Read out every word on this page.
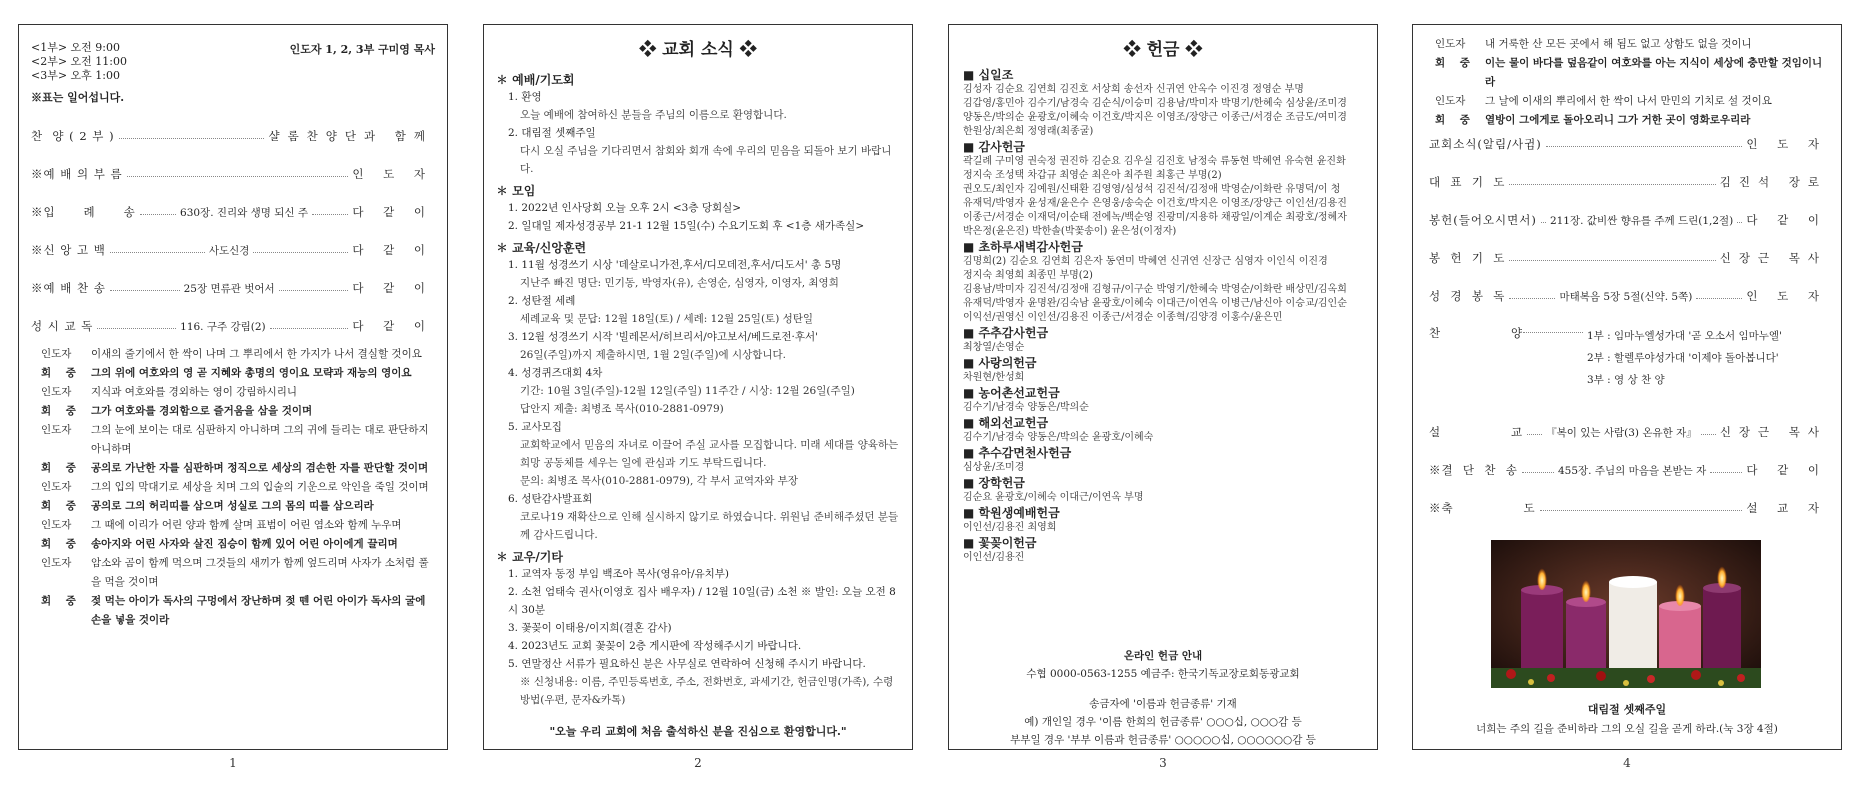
<1부> 오전 9:00
<2부> 오전 11:00
<3부> 오후 1:00
인도자 1, 2, 3부 구미영 목사
※표는 일어섭니다.
찬  양 ( 2 부 )	샬롬찬양단과 함께
※예 배 의 부 름	인 도 자
※입      례      송	630장. 진리와 생명 되신 주	다 같 이
※신 앙 고 백	사도신경	다 같 이
※예 배 찬 송	25장 면류관 벗어서	다 같 이
성 시 교 독	116. 구주 강림(2)	다 같 이
인도자	이새의 줄기에서 한 싹이 나며 그 뿌리에서 한 가지가 나서 결실할 것이요
회    중	그의 위에 여호와의 영 곧 지혜와 총명의 영이요 모략과 재능의 영이요
인도자	지식과 여호와를 경외하는 영이 강림하시리니
회    중	그가 여호와를 경외함으로 즐거움을 삼을 것이며
인도자	그의 눈에 보이는 대로 심판하지 아니하며 그의 귀에 들리는 대로 판단하지 아니하며
회    중	공의로 가난한 자를 심판하며 정직으로 세상의 겸손한 자를 판단할 것이며
인도자	그의 입의 막대기로 세상을 치며 그의 입술의 기운으로 악인을 죽일 것이며
회    중	공의로 그의 허리띠를 삼으며 성실로 그의 몸의 띠를 삼으리라
인도자	그 때에 이리가 어린 양과 함께 살며 표범이 어린 염소와 함께 누우며
회    중	송아지와 어린 사자와 살진 짐승이 함께 있어 어린 아이에게 끌리며
인도자	암소와 곰이 함께 먹으며 그것들의 새끼가 함께 엎드리며 사자가 소처럼 풀을 먹을 것이며
회    중	젖 먹는 아이가 독사의 구멍에서 장난하며 젖 뗀 어린 아이가 독사의 굴에 손을 넣을 것이라
1
❖ 교회 소식 ❖
✽ 예배/기도회
1. 환영
오늘 예배에 참여하신 분들을 주님의 이름으로 환영합니다.
2. 대림절 셋째주일
다시 오실 주님을 기다리면서 참회와 회개 속에 우리의 믿음을 되돌아 보기 바랍니다.
✽ 모임
1. 2022년 인사당회 오늘 오후 2시 <3층 당회실>
2. 일대일 제자성경공부 21-1 12월 15일(수) 수요기도회 후 <1층 새가족실>
✽ 교육/신앙훈련
1. 11월 성경쓰기 시상 '데살로니가전,후서/디모데전,후서/디도서' 총 5명
지난주 빠진 명단: 민기동, 박영자(유), 손영순, 심영자, 이영자, 최영희
2. 성탄절 세례
세례교육 및 문답: 12월 18일(토) / 세례: 12월 25일(토) 성탄일
3. 12월 성경쓰기 시작 '빌레몬서/히브리서/야고보서/베드로전·후서'
26일(주일)까지 제출하시면, 1월 2일(주일)에 시상합니다.
4. 성경퀴즈대회 4차
기간: 10월 3일(주일)-12월 12일(주일) 11주간 / 시상: 12월 26일(주일)
답안지 제출: 최병조 목사(010-2881-0979)
5. 교사모집
교회학교에서 믿음의 자녀로 이끌어 주실 교사를 모집합니다. 미래 세대를 양육하는 희망 공동체를 세우는 일에 관심과 기도 부탁드립니다.
문의: 최병조 목사(010-2881-0979), 각 부서 교역자와 부장
6. 성탄감사발표회
코로나19 재확산으로 인해 실시하지 않기로 하였습니다. 위원님 준비해주셨던 분들께 감사드립니다.
✽ 교우/기타
1. 교역자 동정 부임 백조아 목사(영유아/유치부)
2. 소천 엄태숙 권사(이영호 집사 배우자) / 12월 10일(금) 소천 ※ 발인: 오늘 오전 8시 30분
3. 꽃꽂이 이태용/이지희(결혼 감사)
4. 2023년도 교회 꽃꽂이 2층 게시판에 작성해주시기 바랍니다.
5. 연말정산 서류가 필요하신 분은 사무실로 연락하여 신청해 주시기 바랍니다.
※ 신청내용: 이름, 주민등록번호, 주소, 전화번호, 과세기간, 헌금인명(가족), 수령방법(우편, 문자&카톡)
"오늘 우리 교회에 처음 출석하신 분을 진심으로 환영합니다."
2
❖ 헌금 ❖
■ 십일조
김성자 김순요 김연희 김진호 서상희 송선자 신귀연 안옥수 이진경 정영순 부명
김갑영/홍민아 김수기/남경숙 김순식/이승미 김용남/박미자 박명기/한혜숙 심상윤/조미경
양동은/박의순 윤광호/이혜숙 이건호/박지은 이영조/장양근 이종근/서경순 조금도/여미경
한원상/최은희 정영래(최종굴)
■ 감사헌금
곽길례 구미영 권숙정 권진하 김순요 김우실 김진호 남정숙 류동현 박혜연 유숙현 윤진화
정지숙 조성택 차갑규 최영순 최은아 최주원 최홍근 부명(2)
권오도/최인자 김예원/신태환 김영영/심성석 김진석/김정애 박영순/이화란 유명덕/이 청
유재덕/박영자 윤성재/윤은수 은영웅/송숙순 이건호/박지은 이영조/장양근 이인선/김용진
이종근/서경순 이재덕/이순태 전에녹/백순영 진광미/지용하 채광일/이계순 최광호/정혜자
박은정(윤은진) 박한솔(박꽃송이) 윤은성(이정자)
■ 초하루새벽감사헌금
김명희(2) 김순요 김연희 김은자 동연미 박혜연 신귀연 신장근 심영자 이인식 이진경
정지숙 최영희 최종민 부명(2)
김용남/박미자 김진석/김정애 김형규/이구순 박영기/한혜숙 박영순/이화란 배상민/김옥희
유재덕/박영자 윤명완/김숙남 윤광호/이혜숙 이대근/이연옥 이병근/남신아 이승교/김인순
이익선/권영신 이인선/김용진 이종근/서경순 이종혁/김양경 이홍수/윤은민
■ 주추감사헌금
최창열/손영순
■ 사랑의헌금
차원현/한성희
■ 농어촌선교헌금
김수기/남경숙 양동은/박의순
■ 해외선교헌금
김수기/남경숙 양동은/박의순 윤광호/이혜숙
■ 추수감면천사헌금
심상윤/조미경
■ 장학헌금
김순요 윤광호/이혜숙 이대근/이연옥 부명
■ 학원생예배헌금
이인선/김용진 최영희
■ 꽃꽂이헌금
이인선/김용진
온라인 헌금 안내
수협 0000-0563-1255 예금주: 한국기독교장로회동광교회
송금자에 '이름과 헌금종류' 기재
예) 개인일 경우 '이름 한희의 헌금종류' ○○○십, ○○○감 등
부부일 경우 '부부 이름과 헌금종류' ○○○○○십, ○○○○○○감 등
3
인도자	내 거룩한 산 모든 곳에서 해 됨도 없고 상함도 없을 것이니
회    중	이는 물이 바다를 덮음같이 여호와를 아는 지식이 세상에 충만할 것임이니라
인도자	그 날에 이새의 뿌리에서 한 싹이 나서 만민의 기치로 설 것이요
회    중	열방이 그에게로 돌아오리니 그가 거한 곳이 영화로우리라
교회소식(알림/사귐)	인 도 자
대  표  기  도	김진석 장로
봉헌(들어오시면서) 211장. 값비싼 향유를 주께 드린(1,2절) 다 같 이
봉  헌  기  도	신장근 목사
성  경  봉  독	마태복음 5장 5절(신약. 5쪽)	인 도 자
찬               양	1부 : 임마누엘성가대 '곧 오소서 임마누엘'
2부 : 할렐루야성가대 '이제야 돌아봅니다'
3부 : 영 상 찬 양
설               교 『복이 있는 사람(3) 온유한 자』 신장근 목사
※결  단  찬  송	455장. 주님의 마음을 본받는 자	다 같 이
※축               도	설 교 자
대림절 셋째주일
너희는 주의 길을 준비하라 그의 오실 길을 곧게 하라.(눅 3장 4절)
4
